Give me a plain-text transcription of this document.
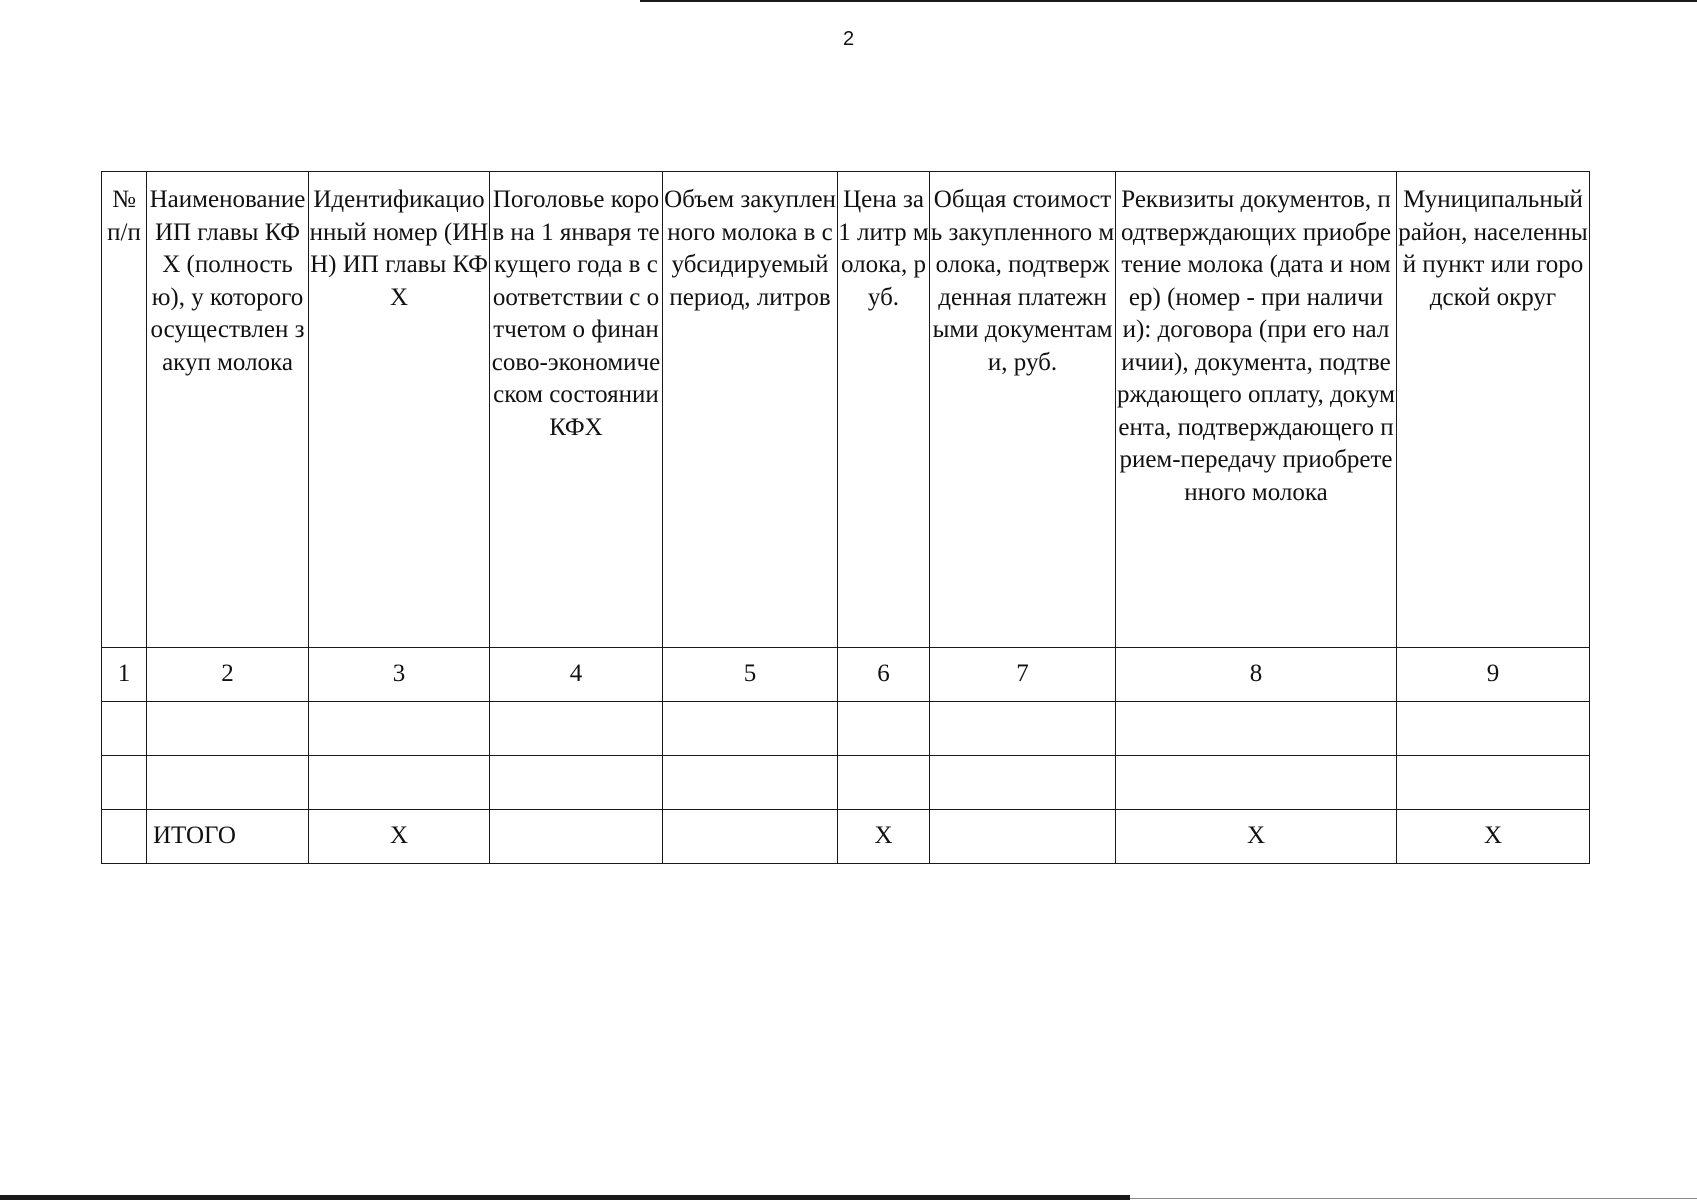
2
№ п/п	Наименование ИП главы КФХ (полностью), у которого осуществлен закуп молока	Идентификационный номер (ИНН) ИП главы КФХ	Поголовье коров на 1 января текущего года в соответствии с отчетом о финансово-экономическом состоянии КФХ	Объем закупленного молока в субсидируемый период, литров	Цена за 1 литр молока, руб.	Общая стоимость закупленного молока, подтвержденная платежными документами, руб.	Реквизиты документов, подтверждающих приобретение молока (дата и номер) (номер - при наличии): договора (при его наличии), документа, подтверждающего оплату, документа, подтверждающего прием-передачу приобретенного молока	Муниципальный район, населенный пункт или городской округ
1	2	3	4	5	6	7	8	9

	ИТОГО	Х			Х		Х	Х
